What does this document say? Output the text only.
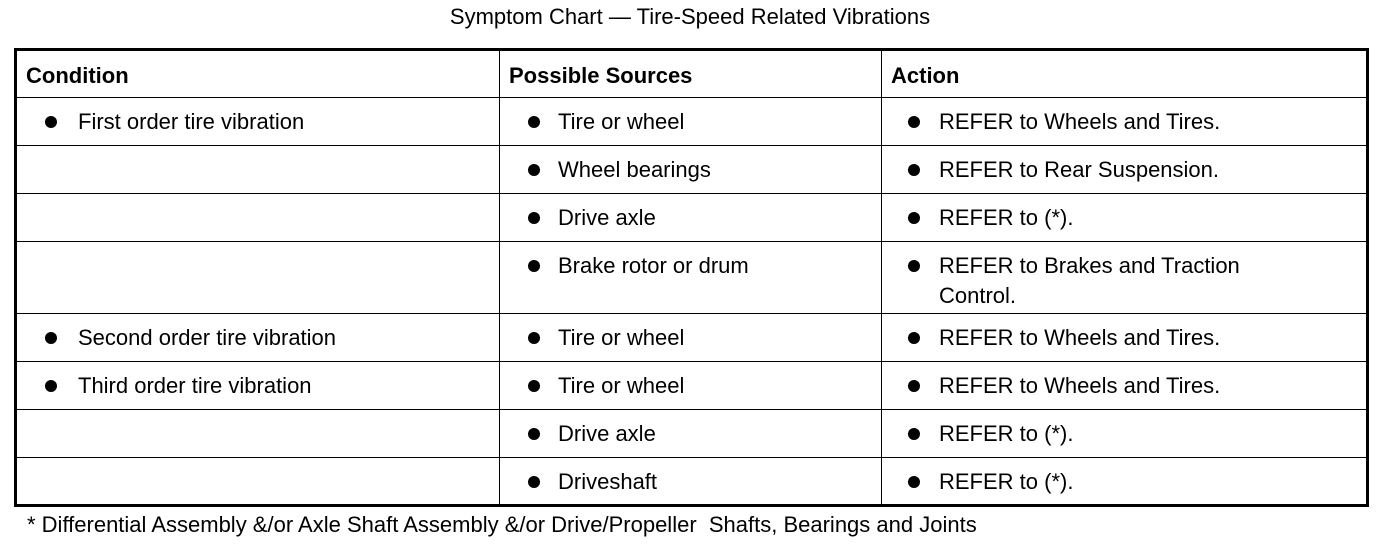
Symptom Chart — Tire-Speed Related Vibrations
Condition	Possible Sources	Action

First order tire vibration	Tire or wheel	REFER to Wheels and Tires.

	Wheel bearings	REFER to Rear Suspension.

	Drive axle	REFER to (*).

	Brake rotor or drum	REFER to Brakes and Traction Control.

Second order tire vibration	Tire or wheel	REFER to Wheels and Tires.

Third order tire vibration	Tire or wheel	REFER to Wheels and Tires.

	Drive axle	REFER to (*).

	Driveshaft	REFER to (*).
* Differential Assembly &/or Axle Shaft Assembly &/or Drive/Propeller  Shafts, Bearings and Joints
